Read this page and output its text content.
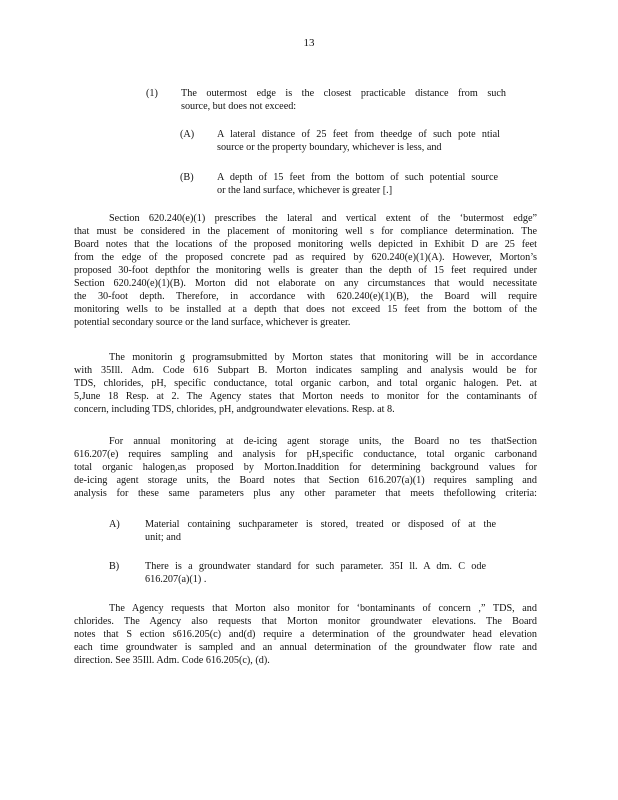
13
(1) The outermost edge is the closest practicable distance from such
source, but does not exceed:
(A) A lateral distance of 25 feet from theedge of such pote ntial
source or the property boundary, whichever is less, and
(B) A depth of 15 feet from the bottom of such potential source
or the land surface, whichever is greater [.]
Section 620.240(e)(1) prescribes the lateral and vertical extent of the ‘butermost edge”
that must be considered in the placement of monitoring well s for compliance determination. The
Board notes that the locations of the proposed monitoring wells depicted in Exhibit D are 25 feet
from the edge of the proposed concrete pad as required by 620.240(e)(1)(A). However, Morton’s
proposed 30-foot depthfor the monitoring wells is greater than the depth of 15 feet required under
Section 620.240(e)(1)(B). Morton did not elaborate on any circumstances that would necessitate
the 30-foot depth. Therefore, in accordance with 620.240(e)(1)(B), the Board will require
monitoring wells to be installed at a depth that does not exceed 15 feet from the bottom of the
potential secondary source or the land surface, whichever is greater.
The monitorin g programsubmitted by Morton states that monitoring will be in accordance
with 35Ill. Adm. Code 616 Subpart B. Morton indicates sampling and analysis would be for
TDS, chlorides, pH, specific conductance, total organic carbon, and total organic halogen. Pet. at
5,June 18 Resp. at 2. The Agency states that Morton needs to monitor for the contaminants of
concern, including TDS, chlorides, pH, andgroundwater elevations. Resp. at 8.
For annual monitoring at de-icing agent storage units, the Board no tes thatSection
616.207(e) requires sampling and analysis for pH,specific conductance, total organic carbonand
total organic halogen,as proposed by Morton.Inaddition for determining background values for
de-icing agent storage units, the Board notes that Section 616.207(a)(1) requires sampling and
analysis for these same parameters plus any other parameter that meets thefollowing criteria:
A) Material containing suchparameter is stored, treated or disposed of at the
unit; and
B)	There is a groundwater standard for such parameter. 35I ll. A dm. C ode
616.207(a)(1) .
The Agency requests that Morton also monitor for ‘bontaminants of concern ,” TDS, and
chlorides. The Agency also requests that Morton monitor groundwater elevations. The Board
notes that S ection s616.205(c) and(d) require a determination of the groundwater head elevation
each time groundwater is sampled and an annual determination of the groundwater flow rate and
direction. See 35Ill. Adm. Code 616.205(c), (d).
